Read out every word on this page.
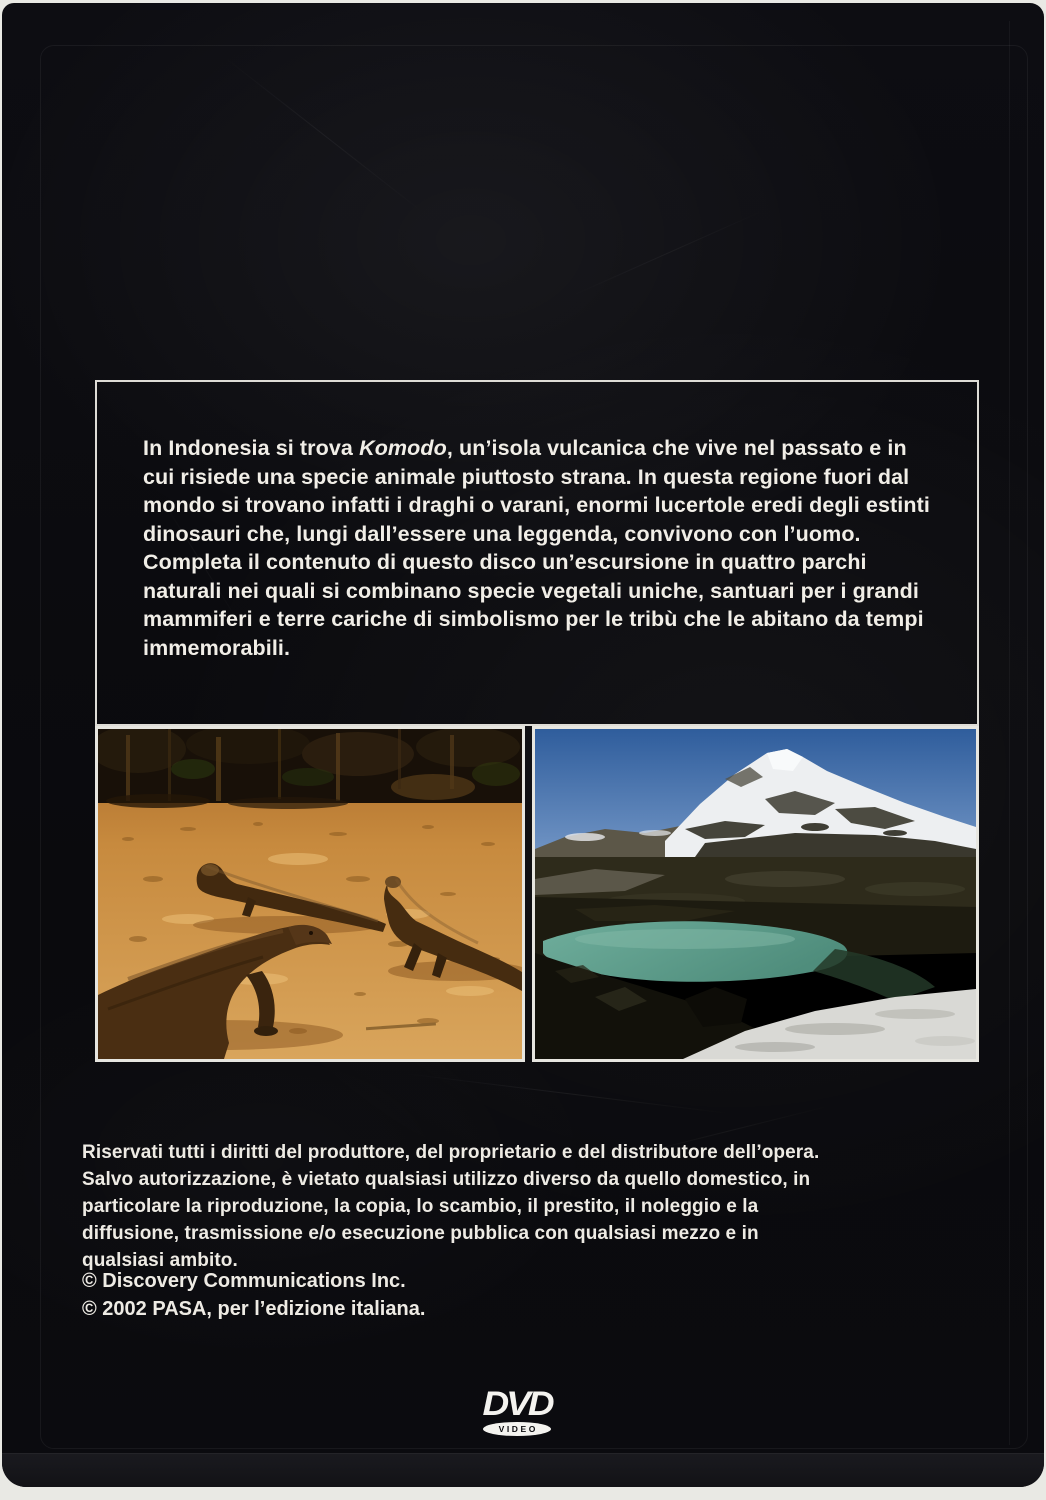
In Indonesia si trova Komodo, un’isola vulcanica che vive nel passato e in cui risiede una specie animale piuttosto strana. In questa regione fuori dal mondo si trovano infatti i draghi o varani, enormi lucertole eredi degli estinti dinosauri che, lungi dall’essere una leggenda, convivono con l’uomo.

Completa il contenuto di questo disco un’escursione in quattro parchi naturali nei quali si combinano specie vegetali uniche, santuari per i grandi mammiferi e terre cariche di simbolismo per le tribù che le abitano da tempi immemorabili.

Riservati tutti i diritti del produttore, del proprietario e del distributore dell’opera. Salvo autorizzazione, è vietato qualsiasi utilizzo diverso da quello domestico, in particolare la riproduzione, la copia, lo scambio, il prestito, il noleggio e la diffusione, trasmissione e/o esecuzione pubblica con qualsiasi mezzo e in qualsiasi ambito.

© Discovery Communications Inc.

© 2002 PASA, per l’edizione italiana.

DVD
VIDEO
